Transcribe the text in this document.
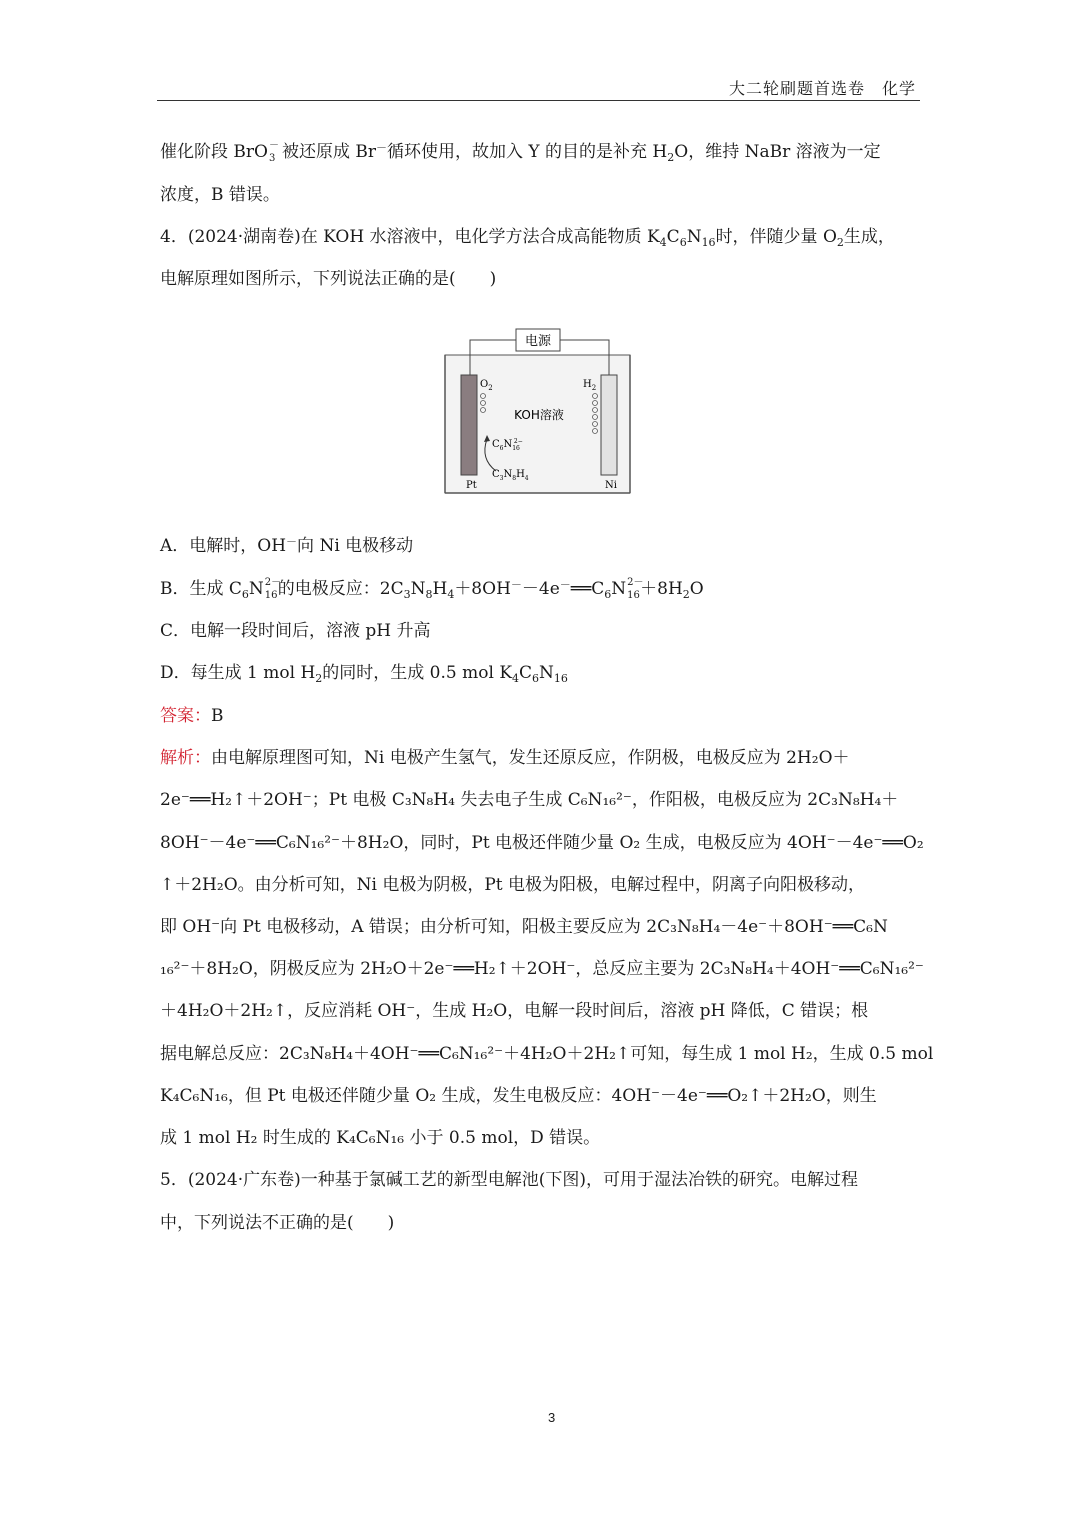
大二轮刷题首选卷　化学
催化阶段 BrO －
3 被还原成 Br－循环使用，故加入 Y 的目的是补充 $H_2O$，维持 NaBr 溶液为一定
浓度，B 错误。
4．(2024·湖南卷)在 KOH 水溶液中，电化学方法合成高能物质 $K_4C_6N_{16}$时，伴随少量 $O_2$生成，
电解原理如图所示，下列说法正确的是(　　)
电源
$O_2$	$H_2$
KOH溶液
$C_6N_{16}2-$
$C_3N_8H_4$
Pt	Ni
A．电解时，OH－向 Ni 电极移动
B．生成 $C_6N$ 2－
16 的电极反应：$2C_3N_8H_4+8OH^--4e^-══C_6N$ 2－
$16 +8H_2O$
C．电解一段时间后，溶液 pH 升高
D．每生成 1 mol $H_2$的同时，生成 0.5 mol $K_4C_6N_{16}$
答案：B
解析：由电解原理图可知，Ni 电极产生氢气，发生还原反应，作阴极，电极反应为 2H₂O＋
2e⁻══H₂↑＋2OH⁻；Pt 电极 C₃N₈H₄ 失去电子生成 C₆N₁₆²⁻，作阳极，电极反应为 2C₃N₈H₄＋
8OH⁻－4e⁻══C₆N₁₆²⁻＋8H₂O，同时，Pt 电极还伴随少量 O₂ 生成，电极反应为 4OH⁻－4e⁻══O₂
↑＋2H₂O。由分析可知，Ni 电极为阴极，Pt 电极为阳极，电解过程中，阴离子向阳极移动，
即 OH⁻向 Pt 电极移动，A 错误；由分析可知，阳极主要反应为 2C₃N₈H₄－4e⁻＋8OH⁻══C₆N
₁₆²⁻＋8H₂O，阴极反应为 2H₂O＋2e⁻══H₂↑＋2OH⁻，总反应主要为 2C₃N₈H₄＋4OH⁻══C₆N₁₆²⁻
＋4H₂O＋2H₂↑，反应消耗 OH⁻，生成 H₂O，电解一段时间后，溶液 pH 降低，C 错误；根
据电解总反应：2C₃N₈H₄＋4OH⁻══C₆N₁₆²⁻＋4H₂O＋2H₂↑可知，每生成 1 mol H₂，生成 0.5 mol
K₄C₆N₁₆，但 Pt 电极还伴随少量 O₂ 生成，发生电极反应：4OH⁻－4e⁻══O₂↑＋2H₂O，则生
成 1 mol H₂ 时生成的 K₄C₆N₁₆ 小于 0.5 mol，D 错误。
5．(2024·广东卷)一种基于氯碱工艺的新型电解池(下图)，可用于湿法冶铁的研究。电解过程
中，下列说法不正确的是(　　)
3
